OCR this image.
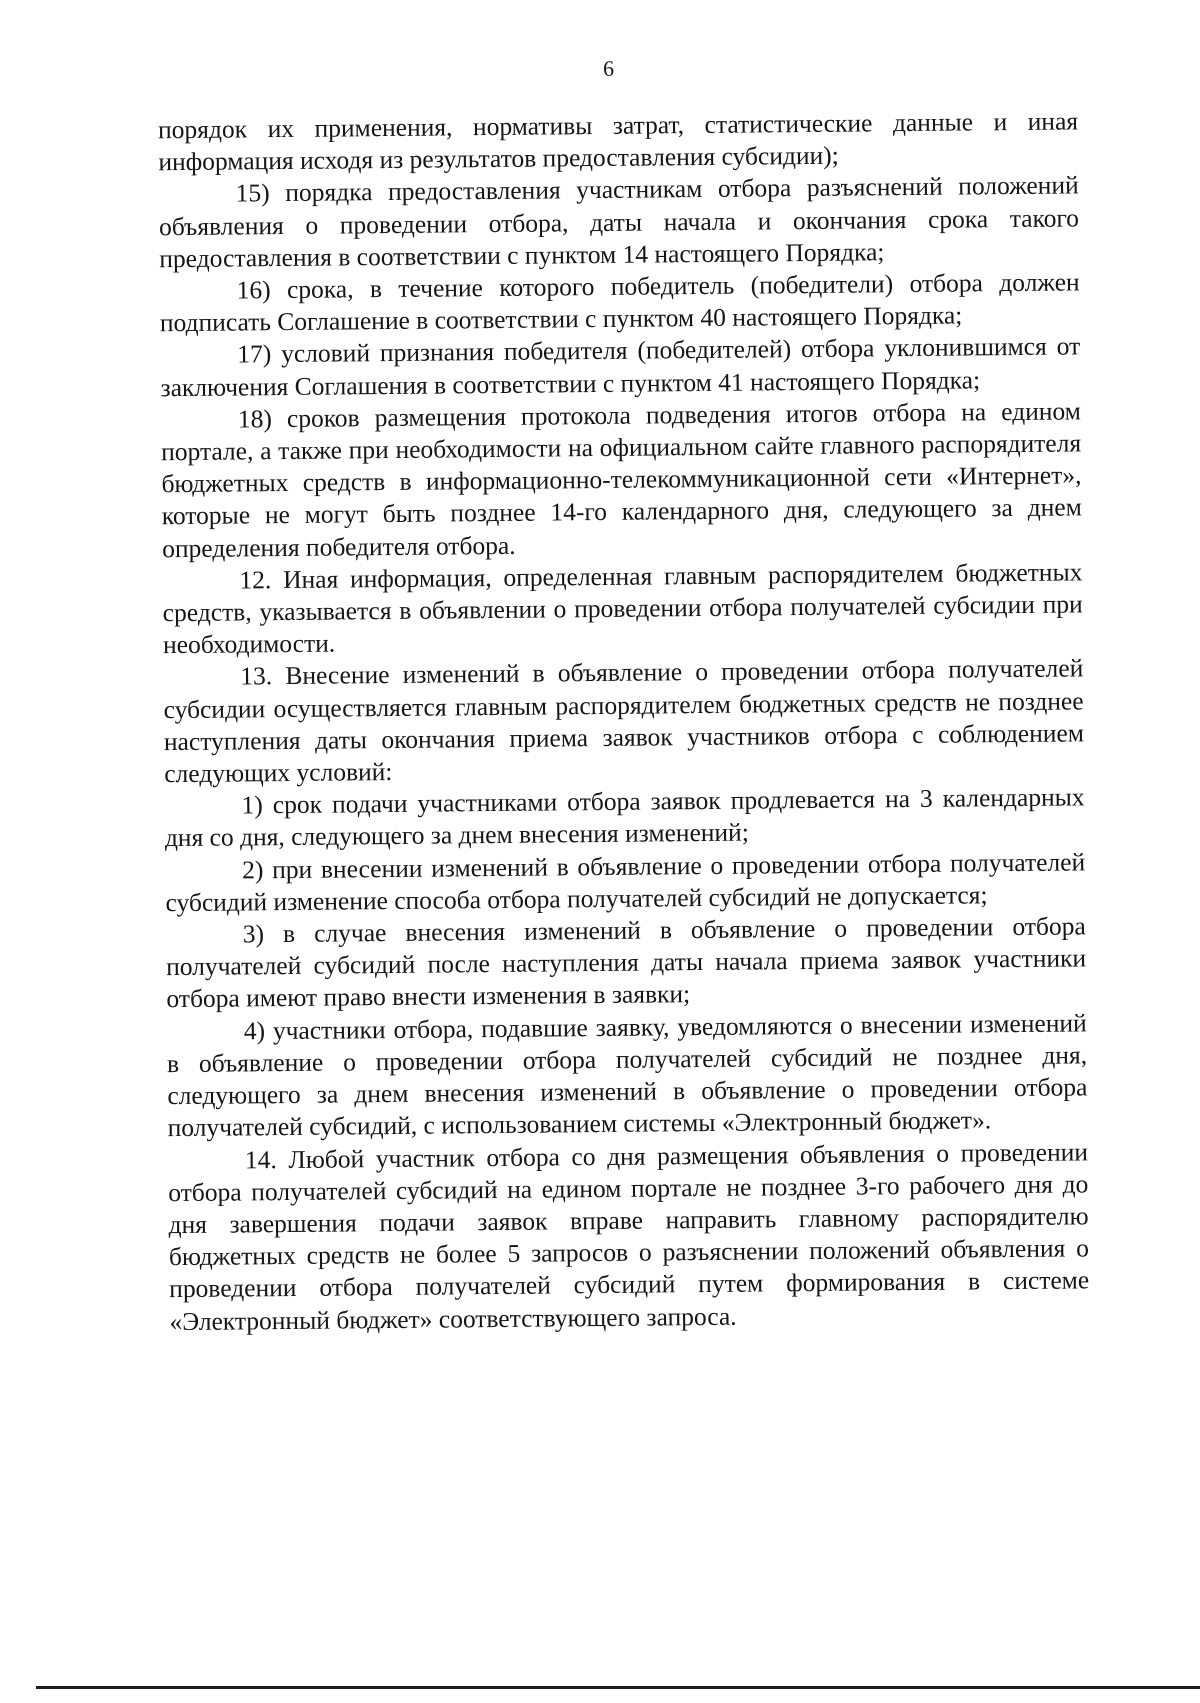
6

порядок их применения, нормативы затрат, статистические данные и иная информация исходя из результатов предоставления субсидии);

15) порядка предоставления участникам отбора разъяснений положений объявления о проведении отбора, даты начала и окончания срока такого предоставления в соответствии с пунктом 14 настоящего Порядка;

16) срока, в течение которого победитель (победители) отбора должен подписать Соглашение в соответствии с пунктом 40 настоящего Порядка;

17) условий признания победителя (победителей) отбора уклонившимся от заключения Соглашения в соответствии с пунктом 41 настоящего Порядка;

18) сроков размещения протокола подведения итогов отбора на едином портале, а также при необходимости на официальном сайте главного распорядителя бюджетных средств в информационно-телекоммуникационной сети «Интернет», которые не могут быть позднее 14-го календарного дня, следующего за днем определения победителя отбора.

12. Иная информация, определенная главным распорядителем бюджетных средств, указывается в объявлении о проведении отбора получателей субсидии при необходимости.

13. Внесение изменений в объявление о проведении отбора получателей субсидии осуществляется главным распорядителем бюджетных средств не позднее наступления даты окончания приема заявок участников отбора с соблюдением следующих условий:

1) срок подачи участниками отбора заявок продлевается на 3 календарных дня со дня, следующего за днем внесения изменений;

2) при внесении изменений в объявление о проведении отбора получателей субсидий изменение способа отбора получателей субсидий не допускается;

3) в случае внесения изменений в объявление о проведении отбора получателей субсидий после наступления даты начала приема заявок участники отбора имеют право внести изменения в заявки;

4) участники отбора, подавшие заявку, уведомляются о внесении изменений в объявление о проведении отбора получателей субсидий не позднее дня, следующего за днем внесения изменений в объявление о проведении отбора получателей субсидий, с использованием системы «Электронный бюджет».

14. Любой участник отбора со дня размещения объявления о проведении отбора получателей субсидий на едином портале не позднее 3-го рабочего дня до дня завершения подачи заявок вправе направить главному распорядителю бюджетных средств не более 5 запросов о разъяснении положений объявления о проведении отбора получателей субсидий путем формирования в системе «Электронный бюджет» соответствующего запроса.
